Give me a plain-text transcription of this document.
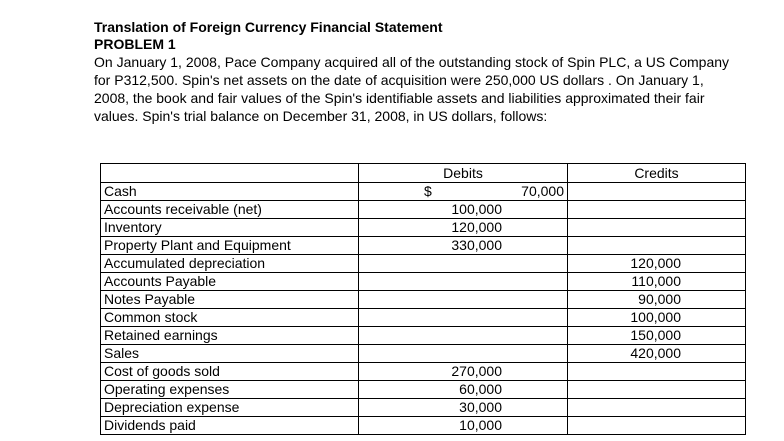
Translation of Foreign Currency Financial Statement

PROBLEM 1

On January 1, 2008, Pace Company acquired all of the outstanding stock of Spin PLC, a US Company for P312,500. Spin's net assets on the date of acquisition were 250,000 US dollars . On January 1, 2008, the book and fair values of the Spin's identifiable assets and liabilities approximated their fair values. Spin's trial balance on December 31, 2008, in US dollars, follows:

	Debits	Credits
Cash	$ 70,000	
Accounts receivable (net)	100,000	
Inventory	120,000	
Property Plant and Equipment	330,000	
Accumulated depreciation		120,000
Accounts Payable		110,000
Notes Payable		90,000
Common stock		100,000
Retained earnings		150,000
Sales		420,000
Cost of goods sold	270,000	
Operating expenses	60,000	
Depreciation expense	30,000	
Dividends paid	10,000	
